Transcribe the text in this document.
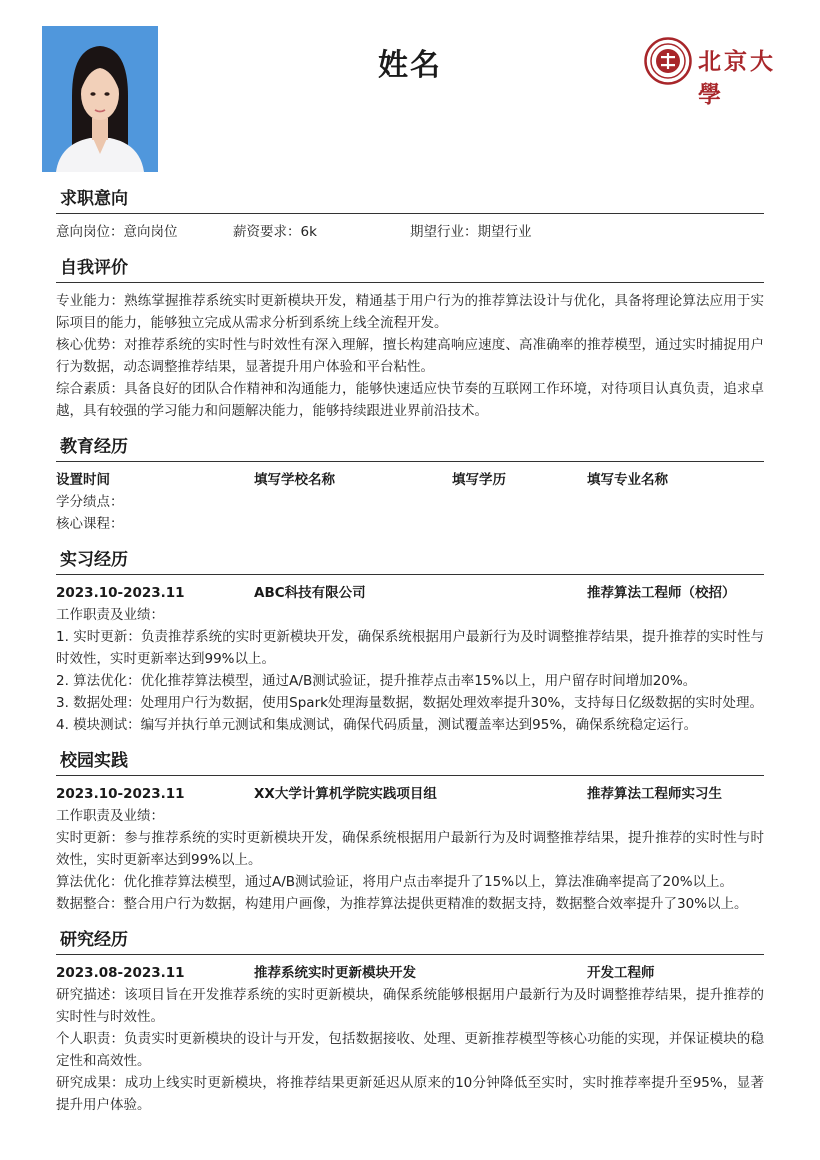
姓名	北京大學
求职意向
意向岗位：意向岗位	薪资要求：6k	期望行业：期望行业
自我评价
专业能力：熟练掌握推荐系统实时更新模块开发，精通基于用户行为的推荐算法设计与优化，具备将理论算法应用于实际项目的能力，能够独立完成从需求分析到系统上线全流程开发。
核心优势：对推荐系统的实时性与时效性有深入理解，擅长构建高响应速度、高准确率的推荐模型，通过实时捕捉用户行为数据，动态调整推荐结果，显著提升用户体验和平台粘性。
综合素质：具备良好的团队合作精神和沟通能力，能够快速适应快节奏的互联网工作环境，对待项目认真负责，追求卓越，具有较强的学习能力和问题解决能力，能够持续跟进业界前沿技术。
教育经历
设置时间	填写学校名称	填写学历	填写专业名称
学分绩点：
核心课程：
实习经历
2023.10-2023.11	ABC科技有限公司	推荐算法工程师（校招）
工作职责及业绩：
1. 实时更新：负责推荐系统的实时更新模块开发，确保系统根据用户最新行为及时调整推荐结果，提升推荐的实时性与时效性，实时更新率达到99%以上。
2. 算法优化：优化推荐算法模型，通过A/B测试验证，提升推荐点击率15%以上，用户留存时间增加20%。
3. 数据处理：处理用户行为数据，使用Spark处理海量数据，数据处理效率提升30%，支持每日亿级数据的实时处理。
4. 模块测试：编写并执行单元测试和集成测试，确保代码质量，测试覆盖率达到95%，确保系统稳定运行。
校园实践
2023.10-2023.11	XX大学计算机学院实践项目组	推荐算法工程师实习生
工作职责及业绩：
实时更新：参与推荐系统的实时更新模块开发，确保系统根据用户最新行为及时调整推荐结果，提升推荐的实时性与时效性，实时更新率达到99%以上。
算法优化：优化推荐算法模型，通过A/B测试验证，将用户点击率提升了15%以上，算法准确率提高了20%以上。
数据整合：整合用户行为数据，构建用户画像，为推荐算法提供更精准的数据支持，数据整合效率提升了30%以上。
研究经历
2023.08-2023.11	推荐系统实时更新模块开发	开发工程师
研究描述：该项目旨在开发推荐系统的实时更新模块，确保系统能够根据用户最新行为及时调整推荐结果，提升推荐的实时性与时效性。
个人职责：负责实时更新模块的设计与开发，包括数据接收、处理、更新推荐模型等核心功能的实现，并保证模块的稳定性和高效性。
研究成果：成功上线实时更新模块，将推荐结果更新延迟从原来的10分钟降低至实时，实时推荐率提升至95%，显著提升用户体验。
